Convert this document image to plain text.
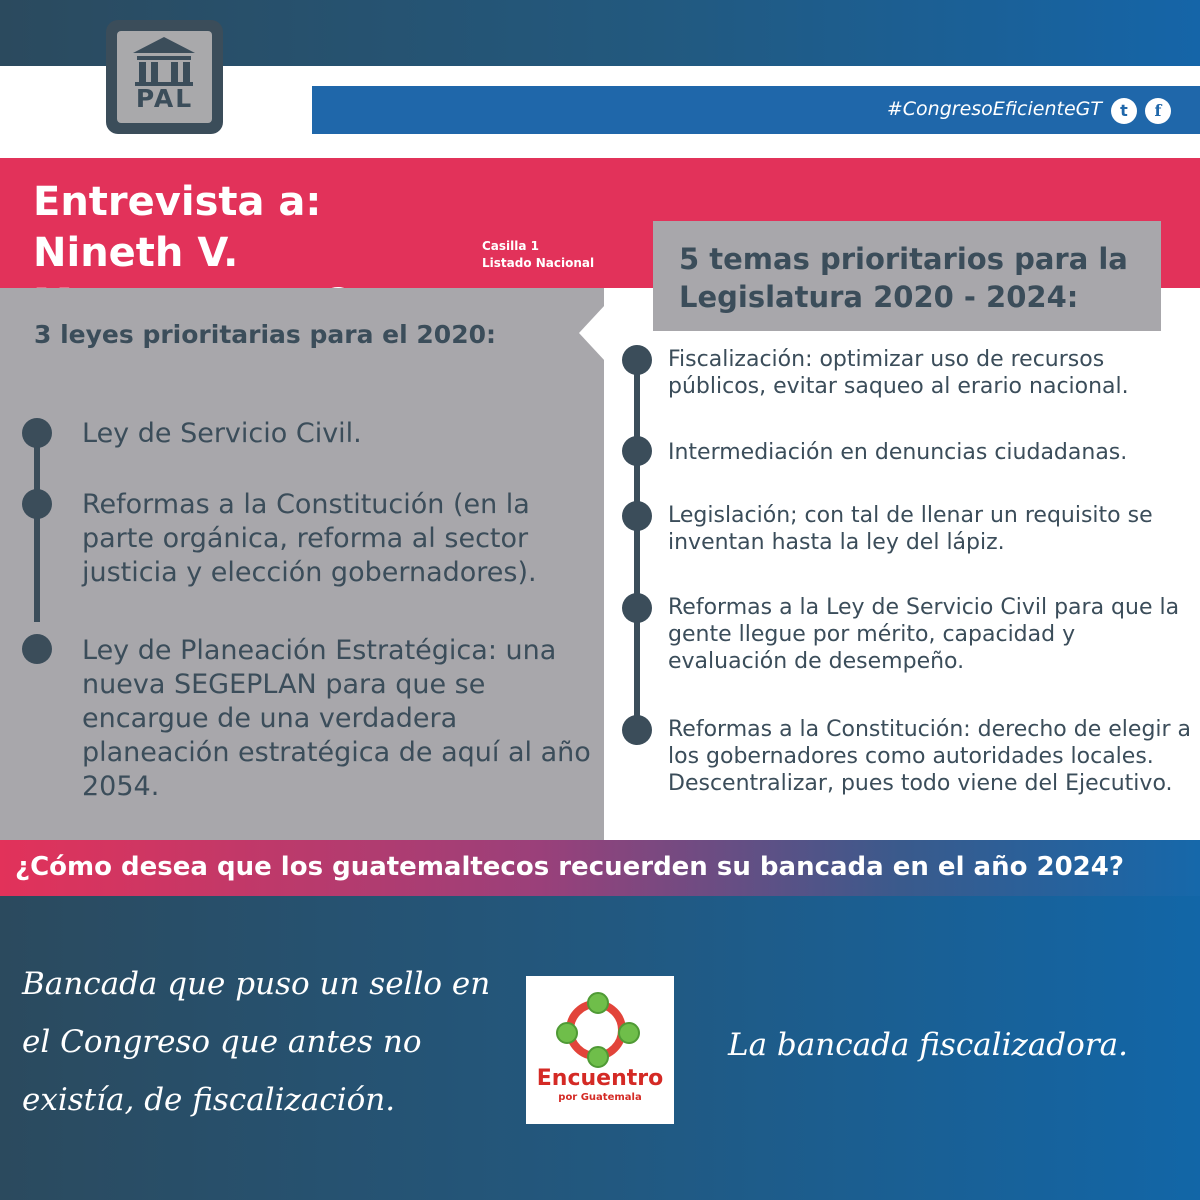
PAL	#CongresoEficienteGT	t	f
Entrevista a: Nineth V.	Casilla 1
Listado Nacional
3 leyes prioritarias para el 2020:
Ley de Servicio Civil.
Reformas a la Constitución (en la parte orgánica, reforma al sector justicia y elección gobernadores).
Ley de Planeación Estratégica: una nueva SEGEPLAN para que se encargue de una verdadera planeación estratégica de aquí al año 2054.
5 temas prioritarios para la Legislatura 2020 - 2024:
Fiscalización: optimizar uso de recursos públicos, evitar saqueo al erario nacional.
Intermediación en denuncias ciudadanas.
Legislación; con tal de llenar un requisito se inventan hasta la ley del lápiz.
Reformas a la Ley de Servicio Civil para que la gente llegue por mérito, capacidad y evaluación de desempeño.
Reformas a la Constitución: derecho de elegir a los gobernadores como autoridades locales. Descentralizar, pues todo viene del Ejecutivo.
¿Cómo desea que los guatemaltecos recuerden su bancada en el año 2024?
Bancada que puso un sello en el Congreso que antes no existía, de fiscalización.
La bancada fiscalizadora.
Encuentro
por Guatemala
